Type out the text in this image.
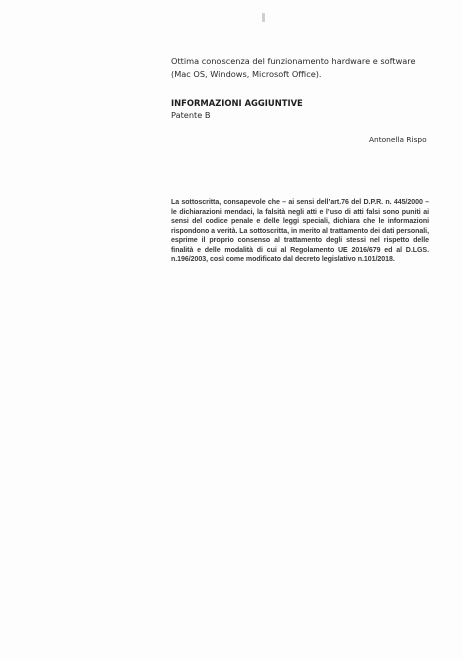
Ottima conoscenza del funzionamento hardware e software (Mac OS, Windows, Microsoft Office).
INFORMAZIONI AGGIUNTIVE
Patente B
Antonella Rispo
La sottoscritta, consapevole che – ai sensi dell’art.76 del D.P.R. n. 445/2000 – le dichiarazioni mendaci, la falsità negli atti e l’uso di atti falsi sono puniti ai sensi del codice penale e delle leggi speciali, dichiara che le informazioni rispondono a verità. La sottoscritta, in merito al trattamento dei dati personali, esprime il proprio consenso al trattamento degli stessi nel rispetto delle finalità e delle modalità di cui al Regolamento UE 2016/679 ed al D.LGS. n.196/2003, così come modificato dal decreto legislativo n.101/2018.
